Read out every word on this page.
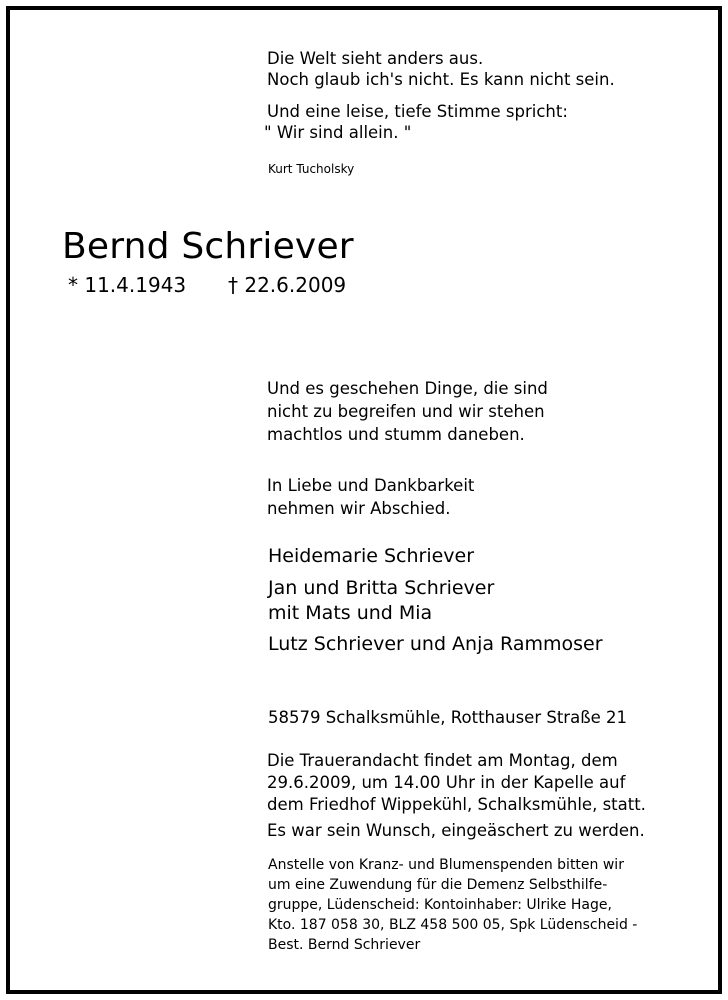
Die Welt sieht anders aus.
Noch glaub ich's nicht. Es kann nicht sein.
Und eine leise, tiefe Stimme spricht:
" Wir sind allein. "
Kurt Tucholsky
Bernd Schriever
* 11.4.1943 † 22.6.2009
Und es geschehen Dinge, die sind
nicht zu begreifen und wir stehen
machtlos und stumm daneben.
In Liebe und Dankbarkeit
nehmen wir Abschied.
Heidemarie Schriever
Jan und Britta Schriever
mit Mats und Mia
Lutz Schriever und Anja Rammoser
58579 Schalksmühle, Rotthauser Straße 21
Die Trauerandacht findet am Montag, dem
29.6.2009, um 14.00 Uhr in der Kapelle auf
dem Friedhof Wippekühl, Schalksmühle, statt.
Es war sein Wunsch, eingeäschert zu werden.
Anstelle von Kranz- und Blumenspenden bitten wir
um eine Zuwendung für die Demenz Selbsthilfe-
gruppe, Lüdenscheid: Kontoinhaber: Ulrike Hage,
Kto. 187 058 30, BLZ 458 500 05, Spk Lüdenscheid -
Best. Bernd Schriever
